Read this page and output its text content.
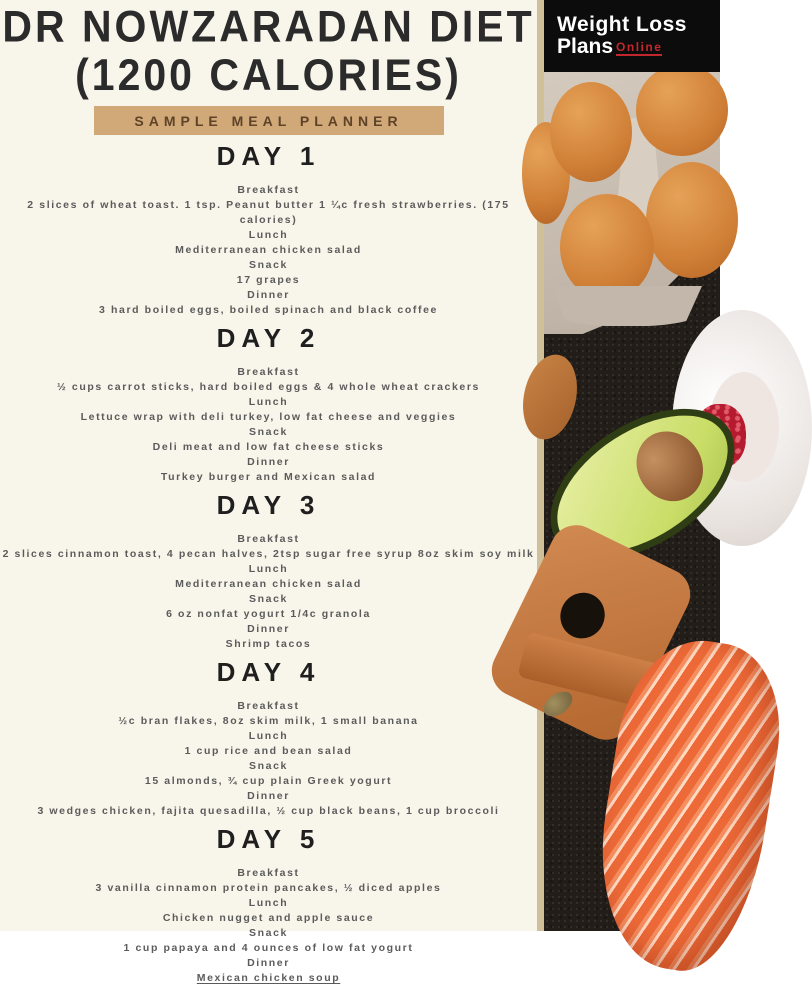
DR NOWZARADAN DIET
(1200 CALORIES)
SAMPLE MEAL PLANNER
DAY 1
Breakfast
2 slices of wheat toast. 1 tsp. Peanut butter 1 ¼c fresh strawberries. (175 calories)
Lunch
Mediterranean chicken salad
Snack
17 grapes
Dinner
3 hard boiled eggs, boiled spinach and black coffee
DAY 2
Breakfast
½ cups carrot sticks, hard boiled eggs & 4 whole wheat crackers
Lunch
Lettuce wrap with deli turkey, low fat cheese and veggies
Snack
Deli meat and low fat cheese sticks
Dinner
Turkey burger and Mexican salad
DAY 3
Breakfast
2 slices cinnamon toast, 4 pecan halves, 2tsp sugar free syrup 8oz skim soy milk
Lunch
Mediterranean chicken salad
Snack
6 oz nonfat yogurt 1/4c granola
Dinner
Shrimp tacos
DAY 4
Breakfast
½c bran flakes, 8oz skim milk, 1 small banana
Lunch
1 cup rice and bean salad
Snack
15 almonds, ¾ cup plain Greek yogurt
Dinner
3 wedges chicken, fajita quesadilla, ½ cup black beans, 1 cup broccoli
DAY 5
Breakfast
3 vanilla cinnamon protein pancakes, ½ diced apples
Lunch
Chicken nugget and apple sauce
Snack
1 cup papaya and 4 ounces of low fat yogurt
Dinner
Mexican chicken soup
Weight Loss
Plans Online
